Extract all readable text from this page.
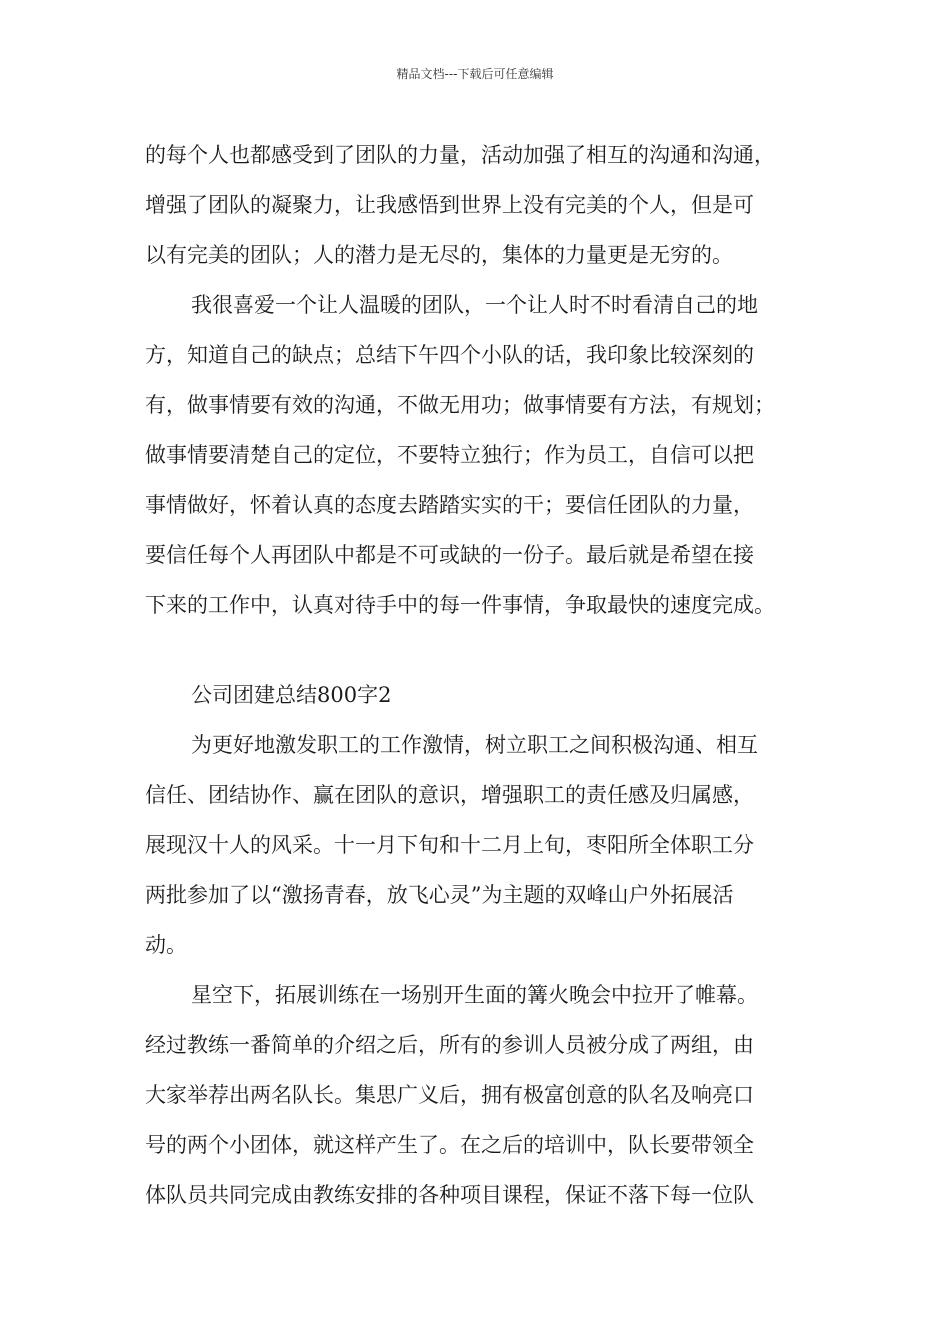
精品文档---下载后可任意编辑
的每个人也都感受到了团队的力量，活动加强了相互的沟通和沟通，
增强了团队的凝聚力，让我感悟到世界上没有完美的个人，但是可
以有完美的团队；人的潜力是无尽的，集体的力量更是无穷的。
我很喜爱一个让人温暖的团队，一个让人时不时看清自己的地
方，知道自己的缺点；总结下午四个小队的话，我印象比较深刻的
有，做事情要有效的沟通，不做无用功；做事情要有方法，有规划；
做事情要清楚自己的定位，不要特立独行；作为员工，自信可以把
事情做好，怀着认真的态度去踏踏实实的干；要信任团队的力量，
要信任每个人再团队中都是不可或缺的一份子。最后就是希望在接
下来的工作中，认真对待手中的每一件事情，争取最快的速度完成。
公司团建总结800字2
为更好地激发职工的工作激情，树立职工之间积极沟通、相互
信任、团结协作、赢在团队的意识，增强职工的责任感及归属感，
展现汉十人的风采。十一月下旬和十二月上旬，枣阳所全体职工分
两批参加了以“激扬青春，放飞心灵”为主题的双峰山户外拓展活
动。
星空下，拓展训练在一场别开生面的篝火晚会中拉开了帷幕。
经过教练一番简单的介绍之后，所有的参训人员被分成了两组，由
大家举荐出两名队长。集思广义后，拥有极富创意的队名及响亮口
号的两个小团体，就这样产生了。在之后的培训中，队长要带领全
体队员共同完成由教练安排的各种项目课程，保证不落下每一位队
